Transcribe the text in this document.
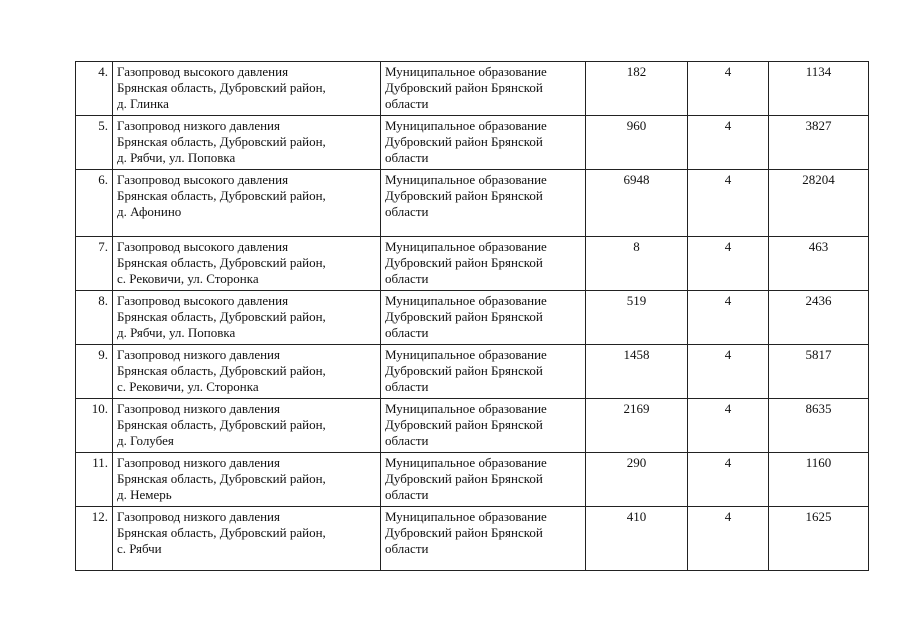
4.	Газопровод высокого давления
Брянская область, Дубровский район,
д. Глинка	Муниципальное образование
Дубровский район Брянской
области	182	4	1134
5.	Газопровод низкого давления
Брянская область, Дубровский район,
д. Рябчи, ул. Поповка	Муниципальное образование
Дубровский район Брянской
области	960	4	3827
6.	Газопровод высокого давления
Брянская область, Дубровский район,
д. Афонино	Муниципальное образование
Дубровский район Брянской
области	6948	4	28204
7.	Газопровод высокого давления
Брянская область, Дубровский район,
с. Рековичи, ул. Сторонка	Муниципальное образование
Дубровский район Брянской
области	8	4	463
8.	Газопровод высокого давления
Брянская область, Дубровский район,
д. Рябчи, ул. Поповка	Муниципальное образование
Дубровский район Брянской
области	519	4	2436
9.	Газопровод низкого давления
Брянская область, Дубровский район,
с. Рековичи, ул. Сторонка	Муниципальное образование
Дубровский район Брянской
области	1458	4	5817
10.	Газопровод низкого давления
Брянская область, Дубровский район,
д. Голубея	Муниципальное образование
Дубровский район Брянской
области	2169	4	8635
11.	Газопровод низкого давления
Брянская область, Дубровский район,
д. Немерь	Муниципальное образование
Дубровский район Брянской
области	290	4	1160
12.	Газопровод низкого давления
Брянская область, Дубровский район,
с. Рябчи	Муниципальное образование
Дубровский район Брянской
области	410	4	1625
